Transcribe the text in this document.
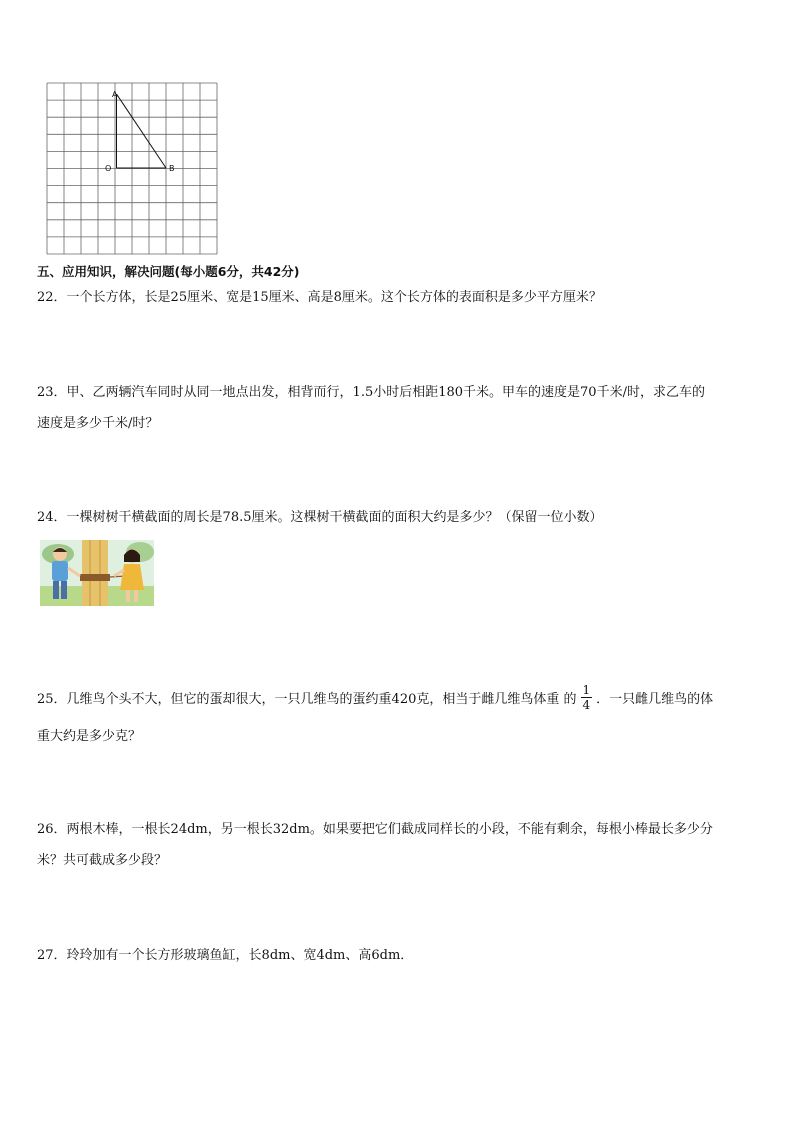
A
O	B
五、应用知识，解决问题(每小题6分，共42分)
22．一个长方体，长是25厘米、宽是15厘米、高是8厘米。这个长方体的表面积是多少平方厘米？
23．甲、乙两辆汽车同时从同一地点出发，相背而行，1.5小时后相距180千米。甲车的速度是70千米/时，求乙车的
速度是多少千米/时？
24．一棵树树干横截面的周长是78.5厘米。这棵树干横截面的面积大约是多少？（保留一位小数）
25．几维鸟个头不大，但它的蛋却很大，一只几维鸟的蛋约重420克，相当于雌几维鸟体重 的 $\frac{1}{4}$ ．一只雌几维鸟的体
重大约是多少克？
26．两根木棒，一根长24dm，另一根长32dm。如果要把它们截成同样长的小段，不能有剩余，每根小棒最长多少分
米？共可截成多少段？
27．玲玲加有一个长方形玻璃鱼缸，长8dm、宽4dm、高6dm．
